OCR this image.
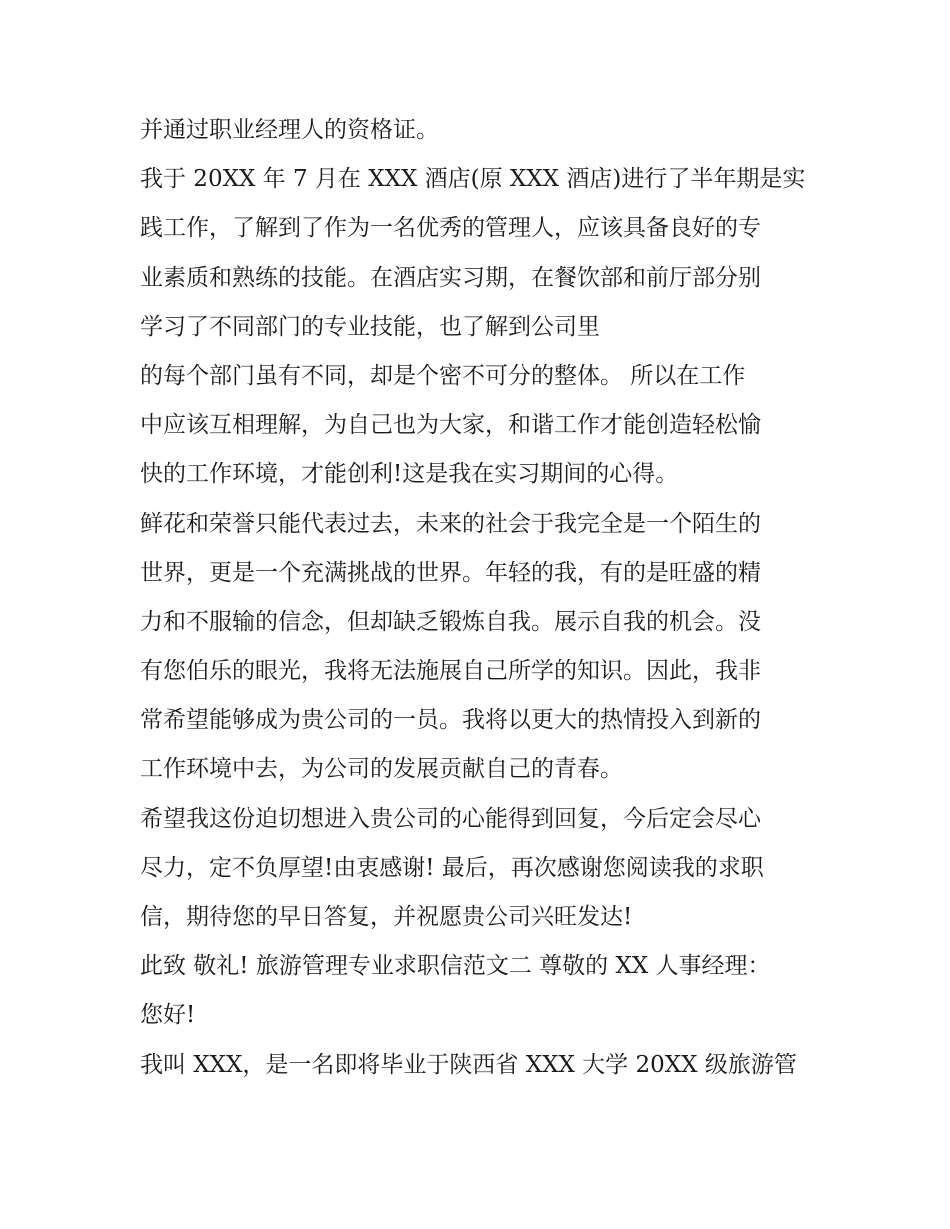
并通过职业经理人的资格证。
我于 20XX 年 7 月在 XXX 酒店(原 XXX 酒店)进行了半年期是实
践工作，了解到了作为一名优秀的管理人，应该具备良好的专
业素质和熟练的技能。在酒店实习期，在餐饮部和前厅部分别
学习了不同部门的专业技能，也了解到公司里
的每个部门虽有不同，却是个密不可分的整体。 所以在工作
中应该互相理解，为自己也为大家，和谐工作才能创造轻松愉
快的工作环境，才能创利!这是我在实习期间的心得。
鲜花和荣誉只能代表过去，未来的社会于我完全是一个陌生的
世界，更是一个充满挑战的世界。年轻的我，有的是旺盛的精
力和不服输的信念，但却缺乏锻炼自我。展示自我的机会。没
有您伯乐的眼光，我将无法施展自己所学的知识。因此，我非
常希望能够成为贵公司的一员。我将以更大的热情投入到新的
工作环境中去，为公司的发展贡献自己的青春。
希望我这份迫切想进入贵公司的心能得到回复，今后定会尽心
尽力，定不负厚望!由衷感谢! 最后，再次感谢您阅读我的求职
信，期待您的早日答复，并祝愿贵公司兴旺发达!
此致 敬礼! 旅游管理专业求职信范文二 尊敬的 XX 人事经理：
您好!
我叫 XXX，是一名即将毕业于陕西省 XXX 大学 20XX 级旅游管
